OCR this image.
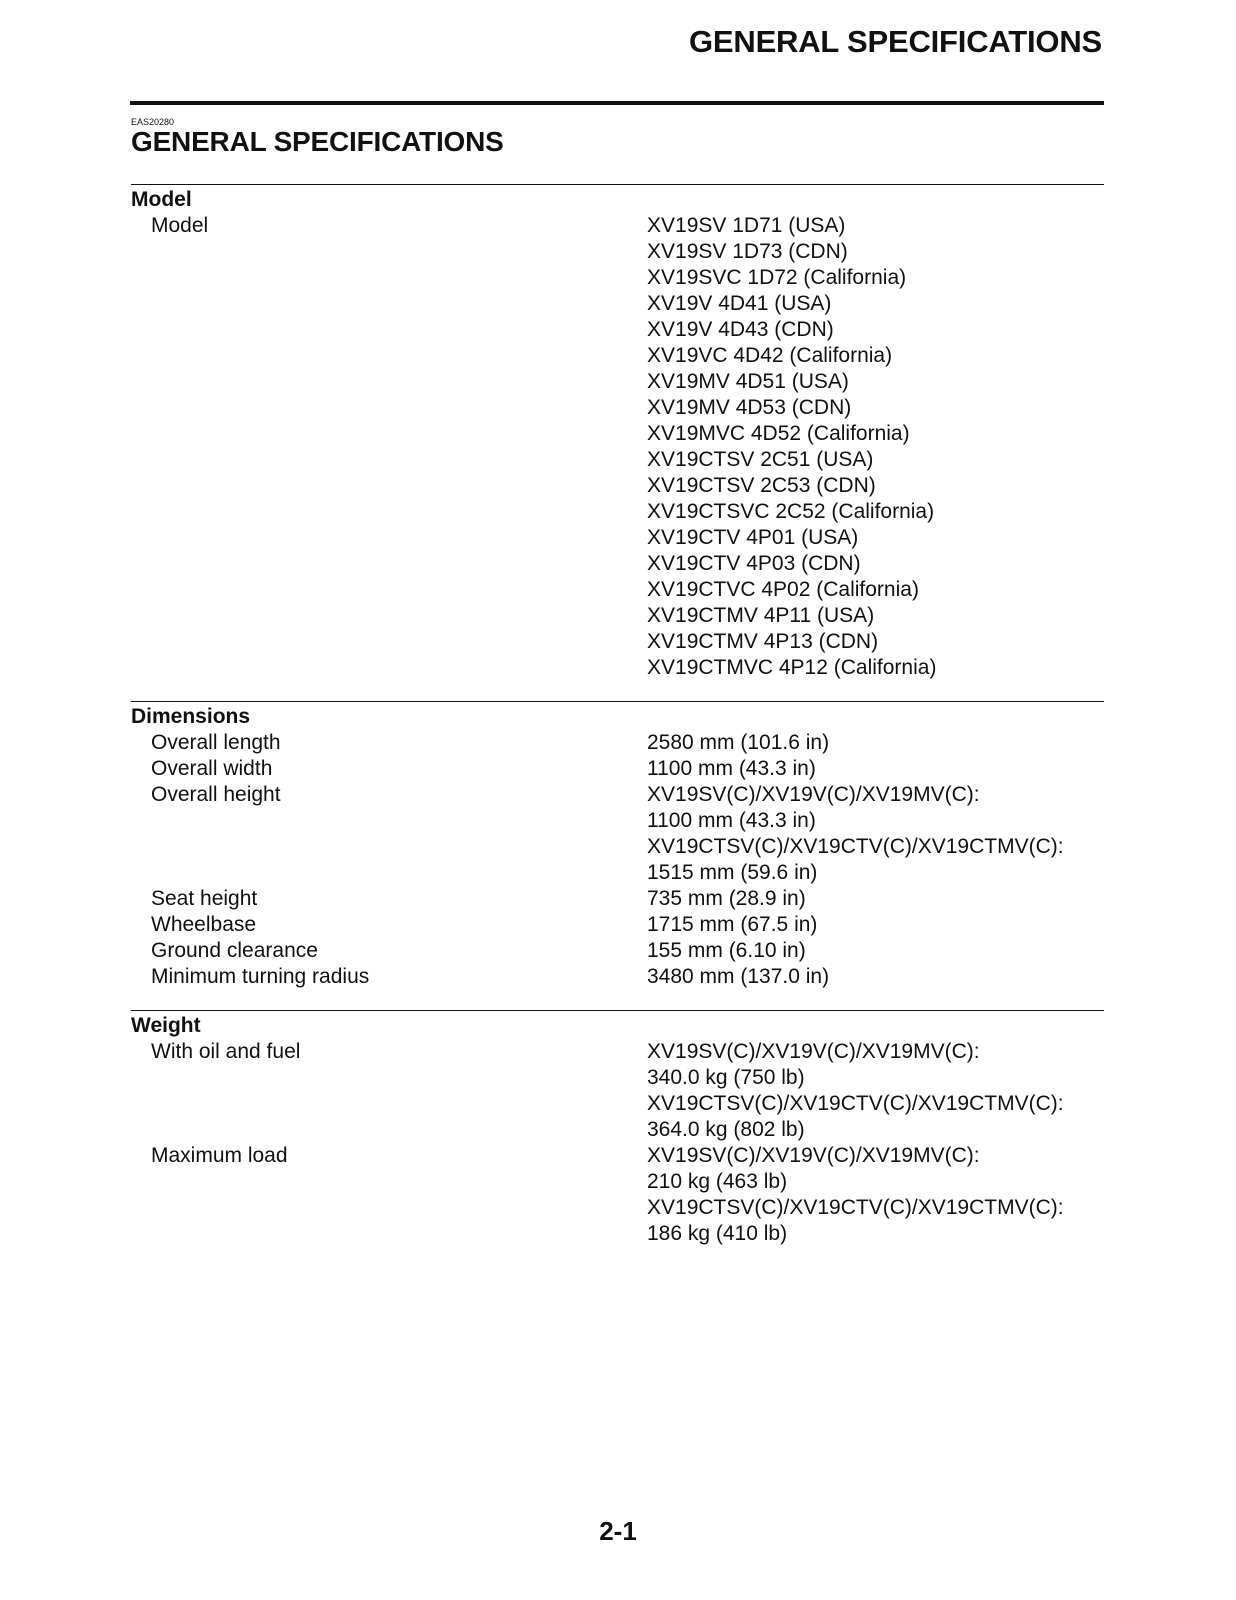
GENERAL SPECIFICATIONS
EAS20280
GENERAL SPECIFICATIONS
Model
Model	XV19SV 1D71 (USA)
XV19SV 1D73 (CDN)
XV19SVC 1D72 (California)
XV19V 4D41 (USA)
XV19V 4D43 (CDN)
XV19VC 4D42 (California)
XV19MV 4D51 (USA)
XV19MV 4D53 (CDN)
XV19MVC 4D52 (California)
XV19CTSV 2C51 (USA)
XV19CTSV 2C53 (CDN)
XV19CTSVC 2C52 (California)
XV19CTV 4P01 (USA)
XV19CTV 4P03 (CDN)
XV19CTVC 4P02 (California)
XV19CTMV 4P11 (USA)
XV19CTMV 4P13 (CDN)
XV19CTMVC 4P12 (California)
Dimensions
Overall length	2580 mm (101.6 in)
Overall width	1100 mm (43.3 in)
Overall height	XV19SV(C)/XV19V(C)/XV19MV(C):
1100 mm (43.3 in)
XV19CTSV(C)/XV19CTV(C)/XV19CTMV(C):
1515 mm (59.6 in)
Seat height	735 mm (28.9 in)
Wheelbase	1715 mm (67.5 in)
Ground clearance	155 mm (6.10 in)
Minimum turning radius	3480 mm (137.0 in)
Weight
With oil and fuel	XV19SV(C)/XV19V(C)/XV19MV(C):
340.0 kg (750 lb)
XV19CTSV(C)/XV19CTV(C)/XV19CTMV(C):
364.0 kg (802 lb)
Maximum load	XV19SV(C)/XV19V(C)/XV19MV(C):
210 kg (463 lb)
XV19CTSV(C)/XV19CTV(C)/XV19CTMV(C):
186 kg (410 lb)
2-1
